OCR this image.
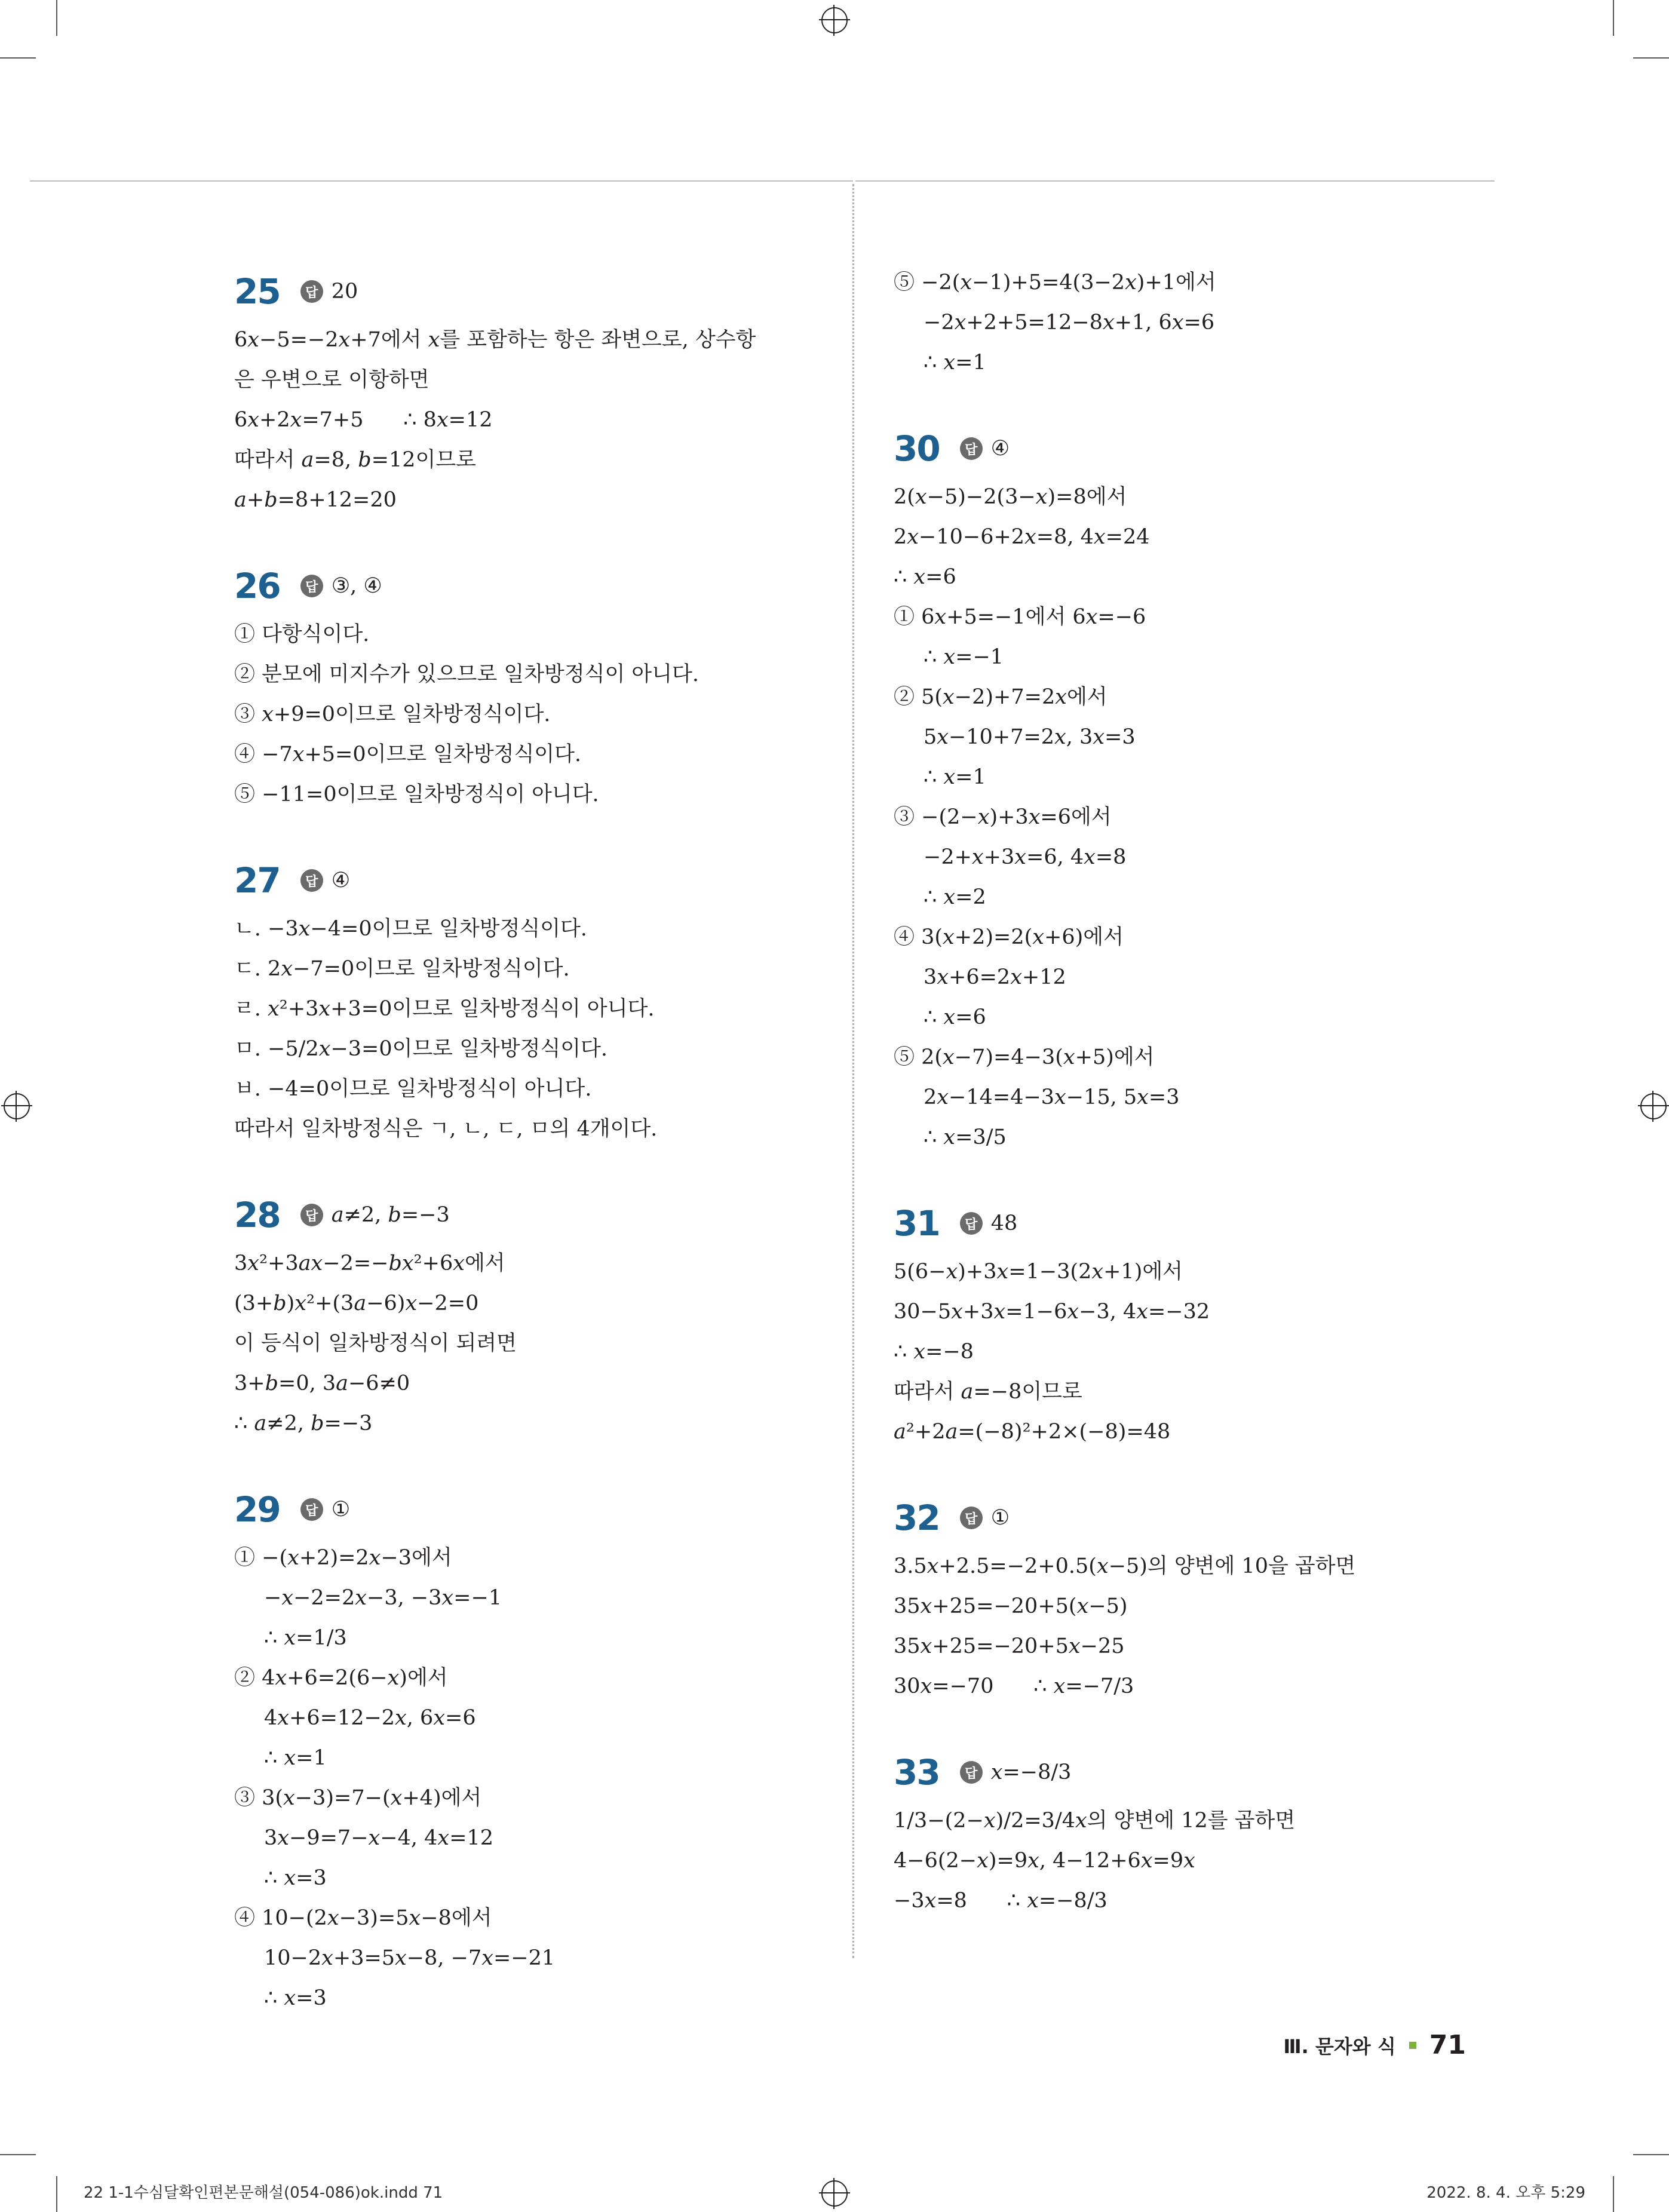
25	답 20
6𝑥−5=−2𝑥+7에서 𝑥를 포함하는 항은 좌변으로, 상수항
은 우변으로 이항하면
6𝑥+2𝑥=7+5      ∴ 8𝑥=12
따라서 𝑎=8, 𝑏=12이므로
𝑎+𝑏=8+12=20
26	답 ③, ④
① 다항식이다.
② 분모에 미지수가 있으므로 일차방정식이 아니다.
③ 𝑥+9=0이므로 일차방정식이다.
④ −7𝑥+5=0이므로 일차방정식이다.
⑤ −11=0이므로 일차방정식이 아니다.
27	답 ④
ㄴ. −3𝑥−4=0이므로 일차방정식이다.
ㄷ. 2𝑥−7=0이므로 일차방정식이다.
ㄹ. 𝑥²+3𝑥+3=0이므로 일차방정식이 아니다.
ㅁ. −5/2𝑥−3=0이므로 일차방정식이다.
ㅂ. −4=0이므로 일차방정식이 아니다.
따라서 일차방정식은 ㄱ, ㄴ, ㄷ, ㅁ의 4개이다.
28	답 𝑎≠2, 𝑏=−3
3𝑥²+3𝑎𝑥−2=−𝑏𝑥²+6𝑥에서
(3+𝑏)𝑥²+(3𝑎−6)𝑥−2=0
이 등식이 일차방정식이 되려면
3+𝑏=0, 3𝑎−6≠0
∴ 𝑎≠2, 𝑏=−3
29	답 ①
① −(𝑥+2)=2𝑥−3에서
−𝑥−2=2𝑥−3, −3𝑥=−1
∴ 𝑥=1/3
② 4𝑥+6=2(6−𝑥)에서
4𝑥+6=12−2𝑥, 6𝑥=6
∴ 𝑥=1
③ 3(𝑥−3)=7−(𝑥+4)에서
3𝑥−9=7−𝑥−4, 4𝑥=12
∴ 𝑥=3
④ 10−(2𝑥−3)=5𝑥−8에서
10−2𝑥+3=5𝑥−8, −7𝑥=−21
∴ 𝑥=3
⑤ −2(𝑥−1)+5=4(3−2𝑥)+1에서
−2𝑥+2+5=12−8𝑥+1, 6𝑥=6
∴ 𝑥=1
30	답 ④
2(𝑥−5)−2(3−𝑥)=8에서
2𝑥−10−6+2𝑥=8, 4𝑥=24
∴ 𝑥=6
① 6𝑥+5=−1에서 6𝑥=−6
∴ 𝑥=−1
② 5(𝑥−2)+7=2𝑥에서
5𝑥−10+7=2𝑥, 3𝑥=3
∴ 𝑥=1
③ −(2−𝑥)+3𝑥=6에서
−2+𝑥+3𝑥=6, 4𝑥=8
∴ 𝑥=2
④ 3(𝑥+2)=2(𝑥+6)에서
3𝑥+6=2𝑥+12
∴ 𝑥=6
⑤ 2(𝑥−7)=4−3(𝑥+5)에서
2𝑥−14=4−3𝑥−15, 5𝑥=3
∴ 𝑥=3/5
31	답 48
5(6−𝑥)+3𝑥=1−3(2𝑥+1)에서
30−5𝑥+3𝑥=1−6𝑥−3, 4𝑥=−32
∴ 𝑥=−8
따라서 𝑎=−8이므로
𝑎²+2𝑎=(−8)²+2×(−8)=48
32	답 ①
3.5𝑥+2.5=−2+0.5(𝑥−5)의 양변에 10을 곱하면
35𝑥+25=−20+5(𝑥−5)
35𝑥+25=−20+5𝑥−25
30𝑥=−70      ∴ 𝑥=−7/3
33	답 𝑥=−8/3
1/3−(2−𝑥)/2=3/4𝑥의 양변에 12를 곱하면
4−6(2−𝑥)=9𝑥, 4−12+6𝑥=9𝑥
−3𝑥=8      ∴ 𝑥=−8/3
Ⅲ. 문자와 식 71
22 1-1수심달확인편본문해설(054-086)ok.indd 71	2022. 8. 4. 오후 5:29
